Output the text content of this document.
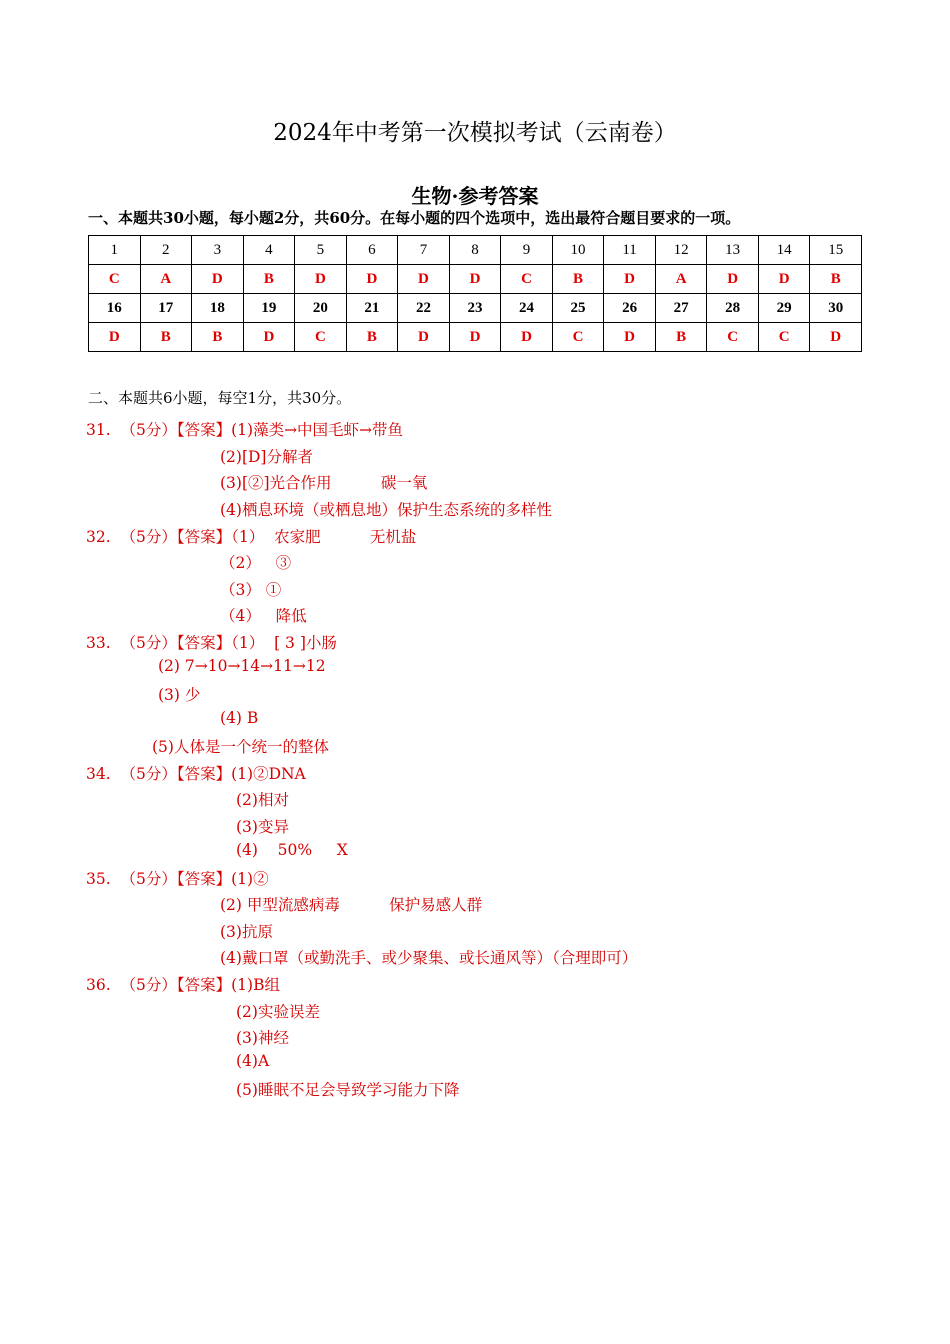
2024年中考第一次模拟考试（云南卷）
生物·参考答案
一、本题共30小题，每小题2分，共60分。在每小题的四个选项中，选出最符合题目要求的一项。
1	2	3	4	5	6	7	8	9	10	11	12	13	14	15
C	A	D	B	D	D	D	D	C	B	D	A	D	D	B
16	17	18	19	20	21	22	23	24	25	26	27	28	29	30
D	B	B	D	C	B	D	D	D	C	D	B	C	C	D
二、本题共6小题，每空1分，共30分。
31.  （5分）【答案】(1)藻类→中国毛虾→带鱼
(2)[D]分解者
(3)[②]光合作用          碳一氧
(4)栖息环境（或栖息地）保护生态系统的多样性
32.  （5分）【答案】（1）  农家肥          无机盐
（2）   ③
（3） ①
（4）   降低
33.  （5分）【答案】（1）  [ 3 ]小肠
(2) 7→10→14→11→12
(3) 少
(4) B
(5)人体是一个统一的整体
34.  （5分）【答案】(1)②DNA
(2)相对
(3)变异
(4)    50%     X
35.  （5分）【答案】(1)②
(2) 甲型流感病毒          保护易感人群
(3)抗原
(4)戴口罩（或勤洗手、或少聚集、或长通风等）（合理即可）
36.  （5分）【答案】(1)B组
(2)实验误差
(3)神经
(4)A
(5)睡眠不足会导致学习能力下降
